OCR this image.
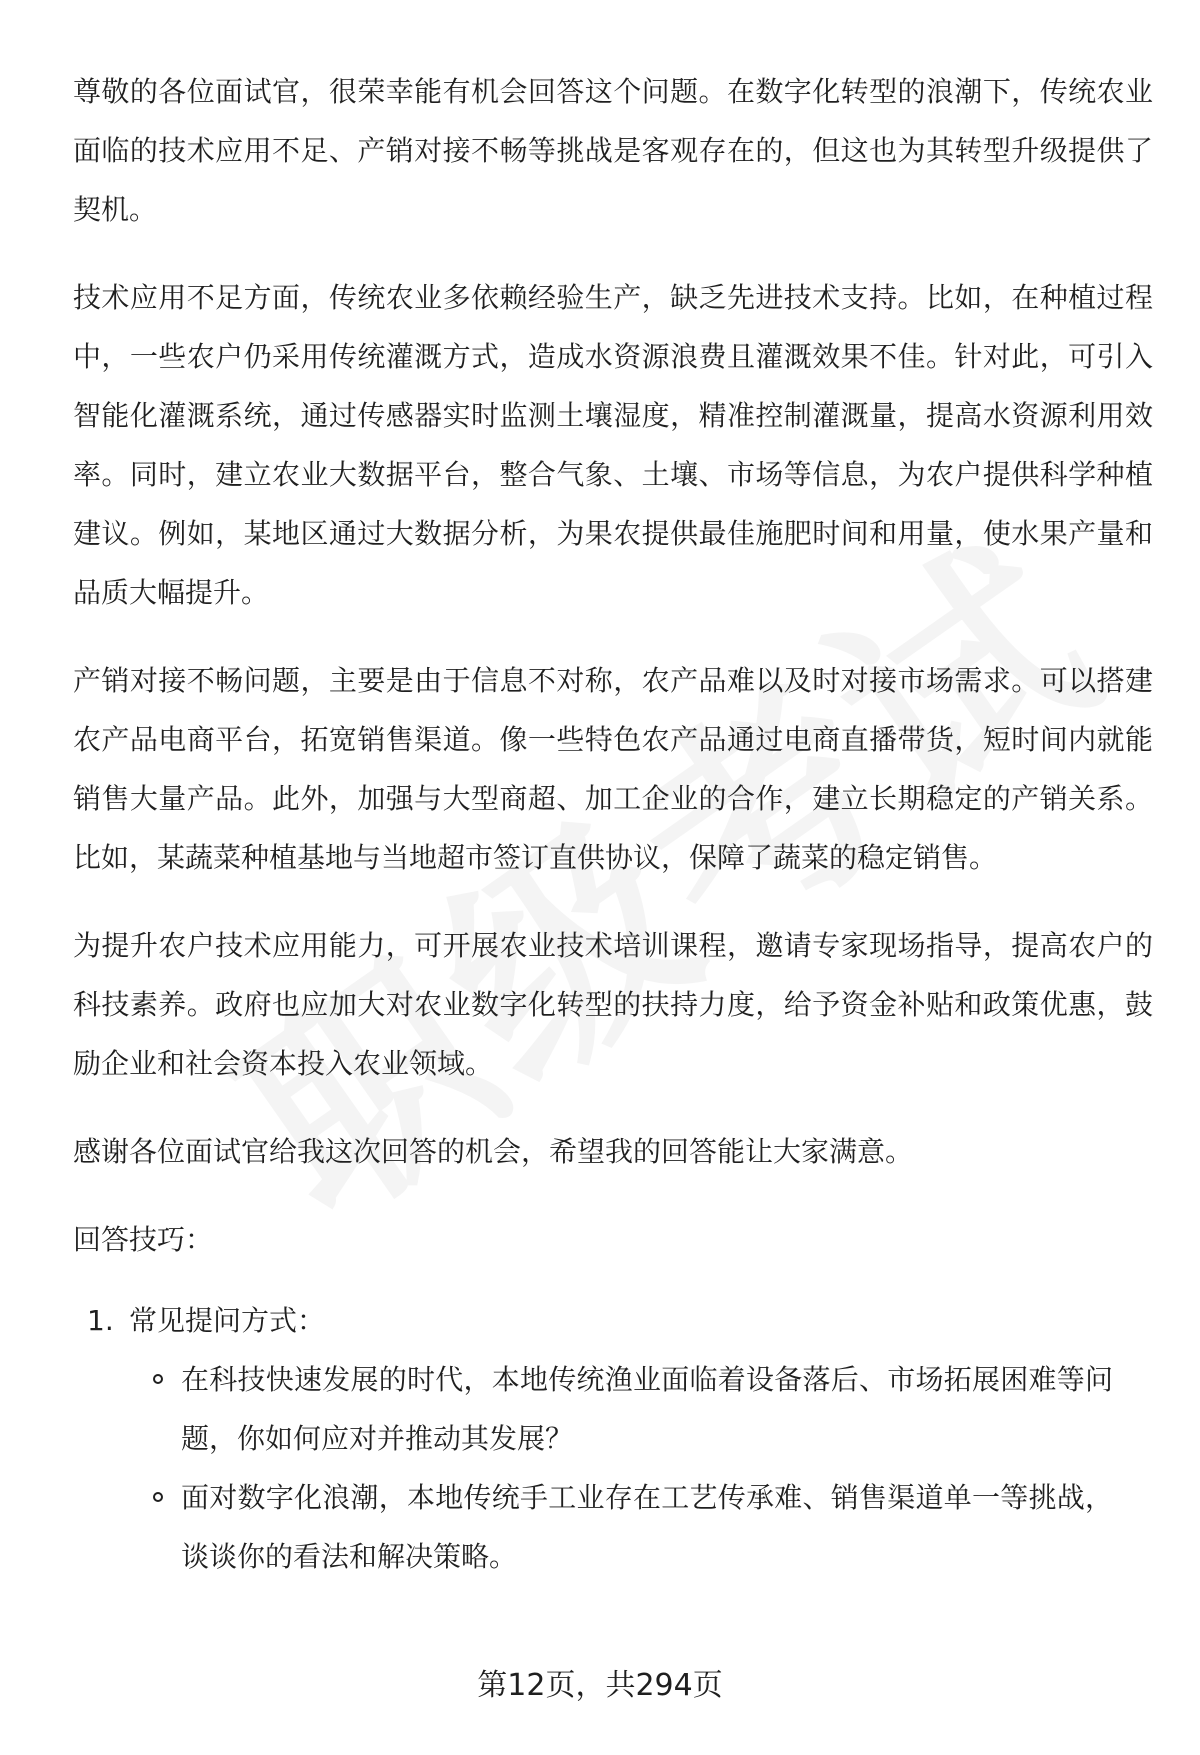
尊敬的各位面试官，很荣幸能有机会回答这个问题。在数字化转型的浪潮下，传统农业面临的技术应用不足、产销对接不畅等挑战是客观存在的，但这也为其转型升级提供了契机。

技术应用不足方面，传统农业多依赖经验生产，缺乏先进技术支持。比如，在种植过程中，一些农户仍采用传统灌溉方式，造成水资源浪费且灌溉效果不佳。针对此，可引入智能化灌溉系统，通过传感器实时监测土壤湿度，精准控制灌溉量，提高水资源利用效率。同时，建立农业大数据平台，整合气象、土壤、市场等信息，为农户提供科学种植建议。例如，某地区通过大数据分析，为果农提供最佳施肥时间和用量，使水果产量和品质大幅提升。

产销对接不畅问题，主要是由于信息不对称，农产品难以及时对接市场需求。可以搭建农产品电商平台，拓宽销售渠道。像一些特色农产品通过电商直播带货，短时间内就能销售大量产品。此外，加强与大型商超、加工企业的合作，建立长期稳定的产销关系。比如，某蔬菜种植基地与当地超市签订直供协议，保障了蔬菜的稳定销售。

为提升农户技术应用能力，可开展农业技术培训课程，邀请专家现场指导，提高农户的科技素养。政府也应加大对农业数字化转型的扶持力度，给予资金补贴和政策优惠，鼓励企业和社会资本投入农业领域。

感谢各位面试官给我这次回答的机会，希望我的回答能让大家满意。

回答技巧：
1. 常见提问方式：
在科技快速发展的时代，本地传统渔业面临着设备落后、市场拓展困难等问题，你如何应对并推动其发展？
面对数字化浪潮，本地传统手工业存在工艺传承难、销售渠道单一等挑战，谈谈你的看法和解决策略。
第12页，共294页
